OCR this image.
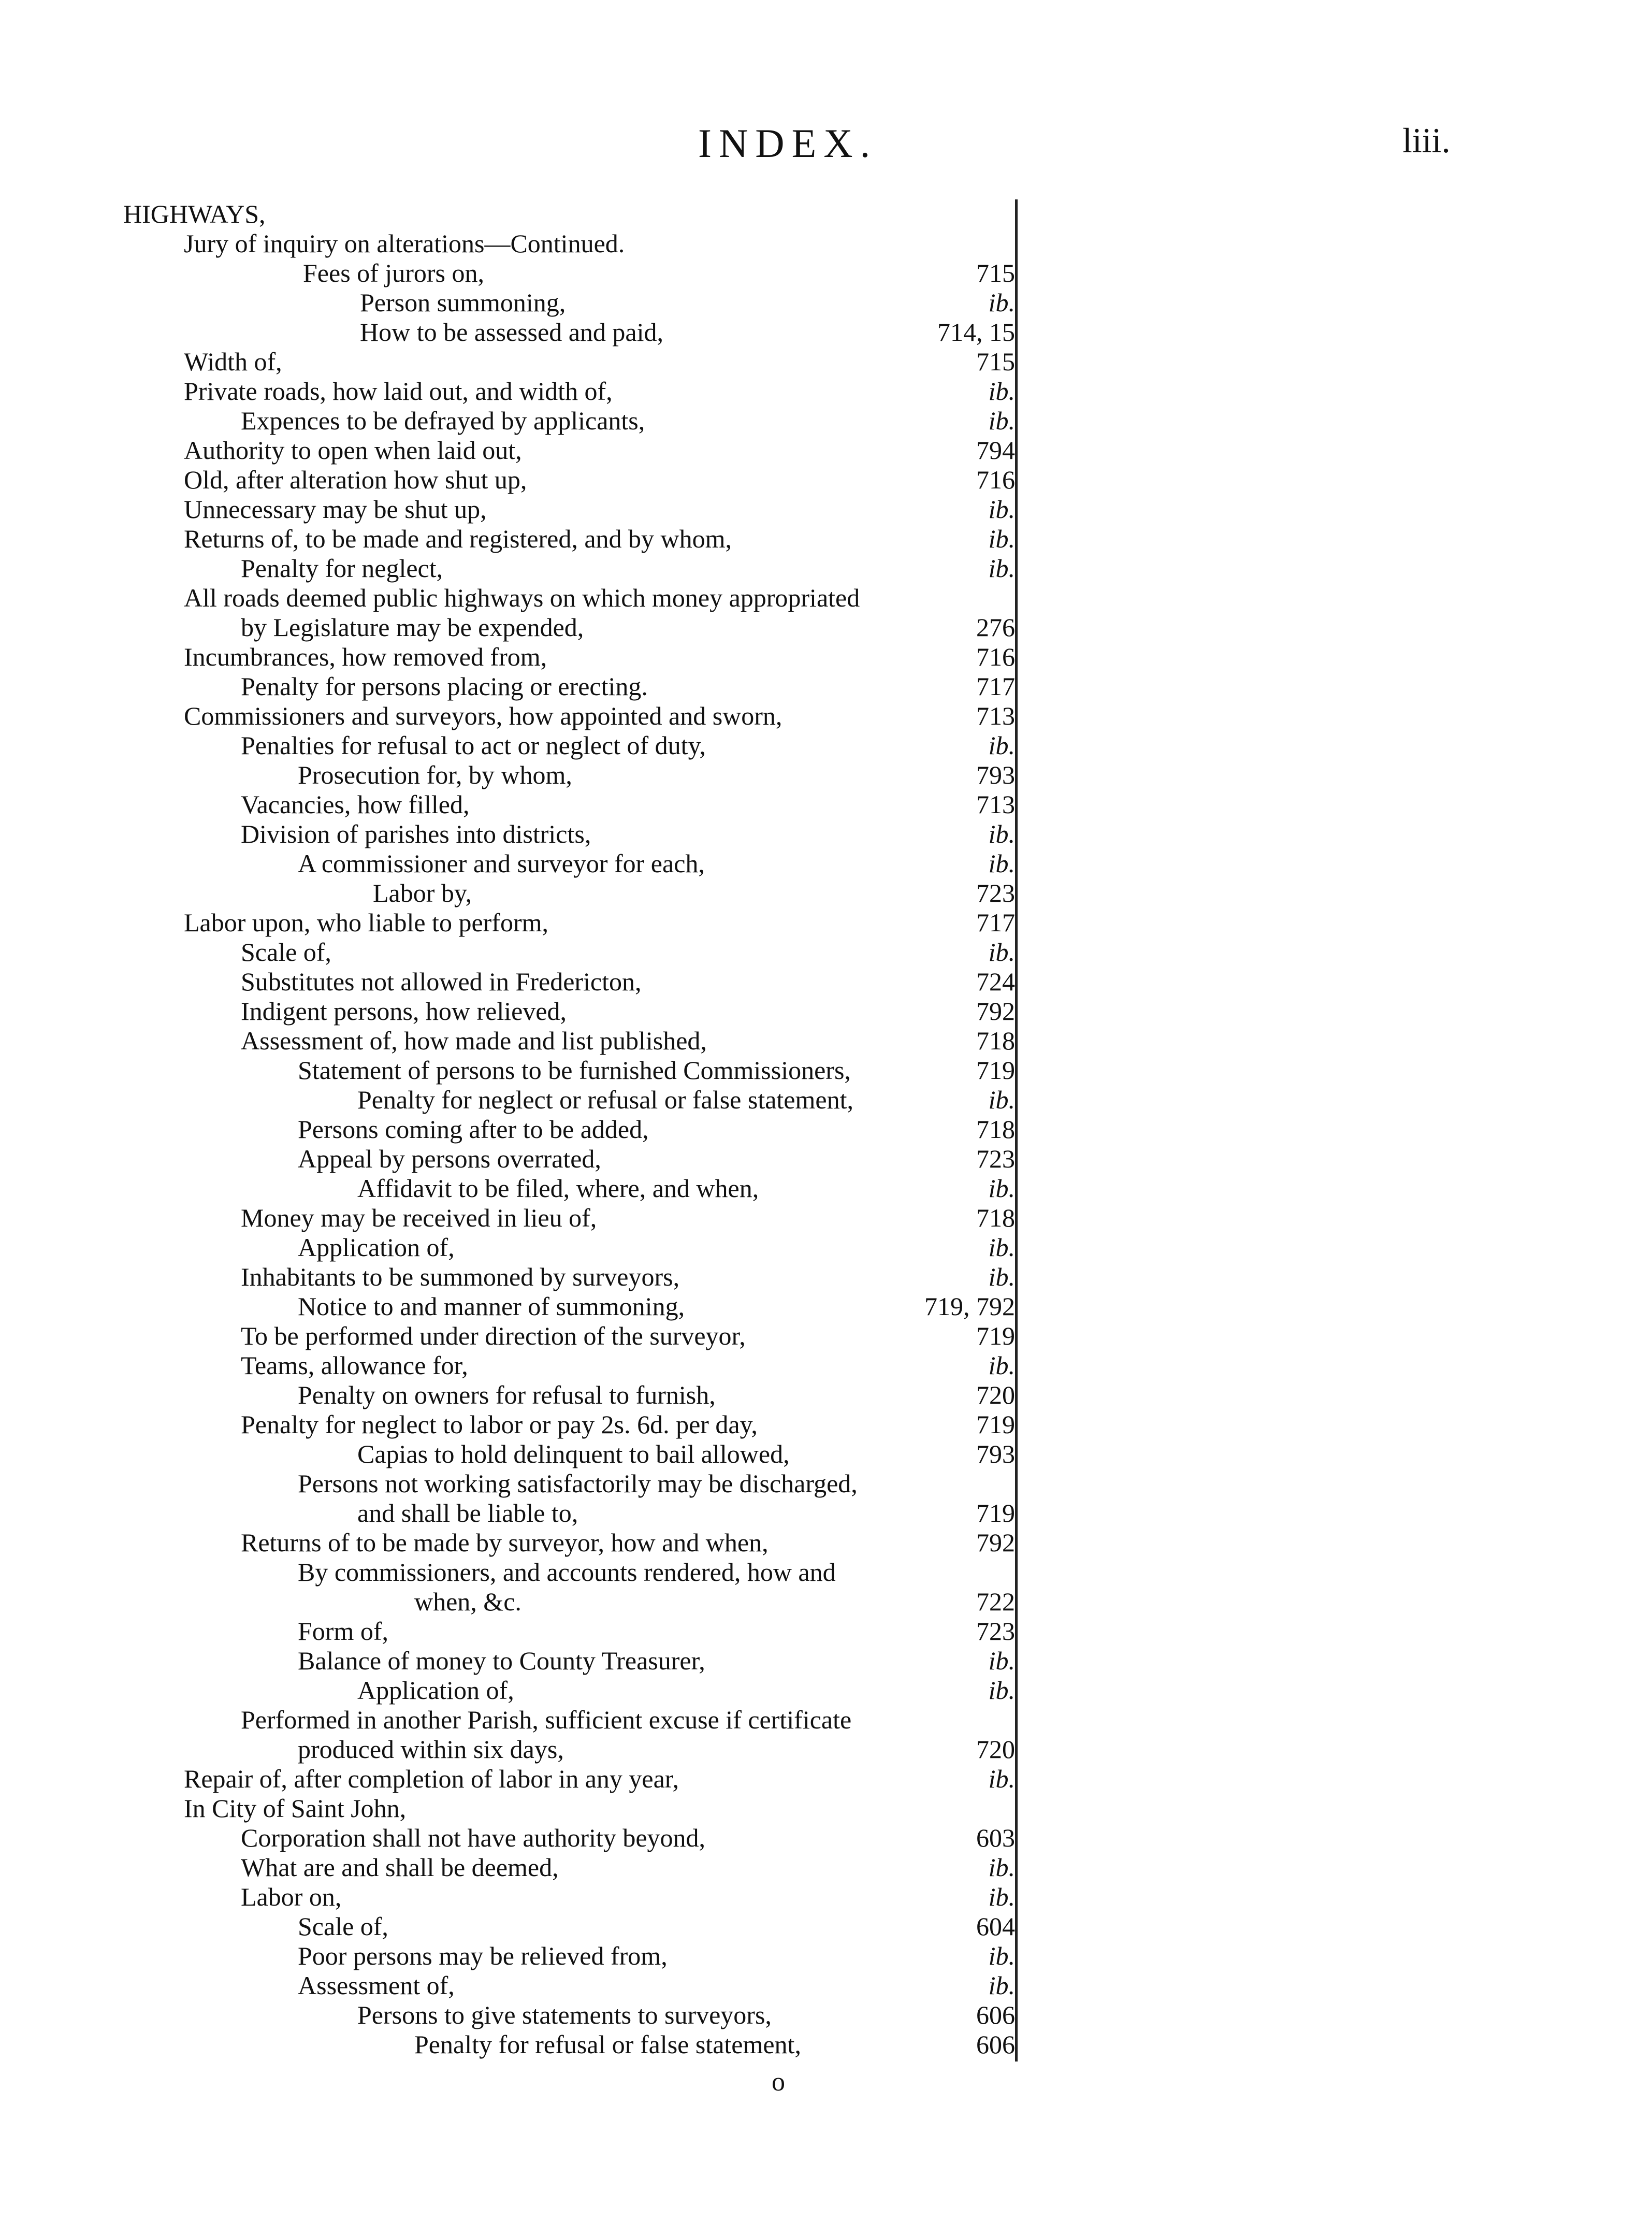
INDEX.	liii.
HIGHWAYS,
Jury of inquiry on alterations—Continued.
Fees of jurors on,	715
Person summoning,	ib.
How to be assessed and paid,	714, 15
Width of,	715
Private roads, how laid out, and width of,	ib.
Expences to be defrayed by applicants,	ib.
Authority to open when laid out,	794
Old, after alteration how shut up,	716
Unnecessary may be shut up,	ib.
Returns of, to be made and registered, and by whom,	ib.
Penalty for neglect,	ib.
All roads deemed public highways on which money appropriated
by Legislature may be expended,	276
Incumbrances, how removed from,	716
Penalty for persons placing or erecting.	717
Commissioners and surveyors, how appointed and sworn,	713
Penalties for refusal to act or neglect of duty,	ib.
Prosecution for, by whom,	793
Vacancies, how filled,	713
Division of parishes into districts,	ib.
A commissioner and surveyor for each,	ib.
Labor by,	723
Labor upon, who liable to perform,	717
Scale of,	ib.
Substitutes not allowed in Fredericton,	724
Indigent persons, how relieved,	792
Assessment of, how made and list published,	718
Statement of persons to be furnished Commissioners,	719
Penalty for neglect or refusal or false statement,	ib.
Persons coming after to be added,	718
Appeal by persons overrated,	723
Affidavit to be filed, where, and when,	ib.
Money may be received in lieu of,	718
Application of,	ib.
Inhabitants to be summoned by surveyors,	ib.
Notice to and manner of summoning,	719, 792
To be performed under direction of the surveyor,	719
Teams, allowance for,	ib.
Penalty on owners for refusal to furnish,	720
Penalty for neglect to labor or pay 2s. 6d. per day,	719
Capias to hold delinquent to bail allowed,	793
Persons not working satisfactorily may be discharged,
and shall be liable to,	719
Returns of to be made by surveyor, how and when,	792
By commissioners, and accounts rendered, how and
when, &c.	722
Form of,	723
Balance of money to County Treasurer,	ib.
Application of,	ib.
Performed in another Parish, sufficient excuse if certificate
produced within six days,	720
Repair of, after completion of labor in any year,	ib.
In City of Saint John,
Corporation shall not have authority beyond,	603
What are and shall be deemed,	ib.
Labor on,	ib.
Scale of,	604
Poor persons may be relieved from,	ib.
Assessment of,	ib.
Persons to give statements to surveyors,	606
Penalty for refusal or false statement,	606
o
